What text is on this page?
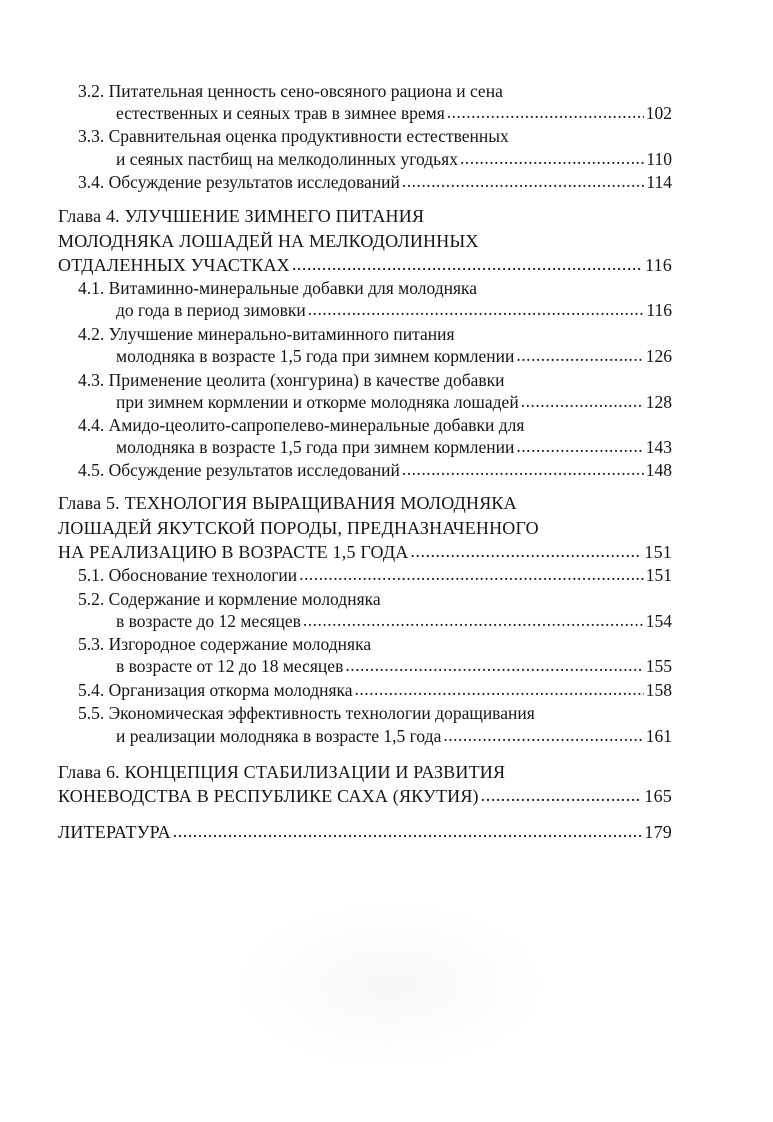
3.2. Питательная ценность сено-овсяного рациона и сена
естественных и сеяных трав в зимнее время .....	102
3.3. Сравнительная оценка продуктивности естественных
и сеяных пастбищ на мелкодолинных угодьях .....	110
3.4. Обсуждение результатов исследований .....	114
Глава 4. УЛУЧШЕНИЕ ЗИМНЕГО ПИТАНИЯ
МОЛОДНЯКА ЛОШАДЕЙ НА МЕЛКОДОЛИННЫХ
ОТДАЛЕННЫХ УЧАСТКАХ .....	116
4.1. Витаминно-минеральные добавки для молодняка
до года в период зимовки .....	116
4.2. Улучшение минерально-витаминного питания
молодняка в возрасте 1,5 года при зимнем кормлении .....	126
4.3. Применение цеолита (хонгурина) в качестве добавки
при зимнем кормлении и откорме молодняка лошадей .....	128
4.4. Амидо-цеолито-сапропелево-минеральные добавки для
молодняка в возрасте 1,5 года при зимнем кормлении .....	143
4.5. Обсуждение результатов исследований .....	148
Глава 5. ТЕХНОЛОГИЯ ВЫРАЩИВАНИЯ МОЛОДНЯКА
ЛОШАДЕЙ ЯКУТСКОЙ ПОРОДЫ, ПРЕДНАЗНАЧЕННОГО
НА РЕАЛИЗАЦИЮ В ВОЗРАСТЕ 1,5 ГОДА .....	151
5.1. Обоснование технологии .....	151
5.2. Содержание и кормление молодняка
в возрасте до 12 месяцев .....	154
5.3. Изгородное содержание молодняка
в возрасте от 12 до 18 месяцев .....	155
5.4. Организация откорма молодняка .....	158
5.5. Экономическая эффективность технологии доращивания
и реализации молодняка в возрасте 1,5 года .....	161
Глава 6. КОНЦЕПЦИЯ СТАБИЛИЗАЦИИ И РАЗВИТИЯ
КОНЕВОДСТВА В РЕСПУБЛИКЕ САХА (ЯКУТИЯ) .....	165
ЛИТЕРАТУРА .....	179
